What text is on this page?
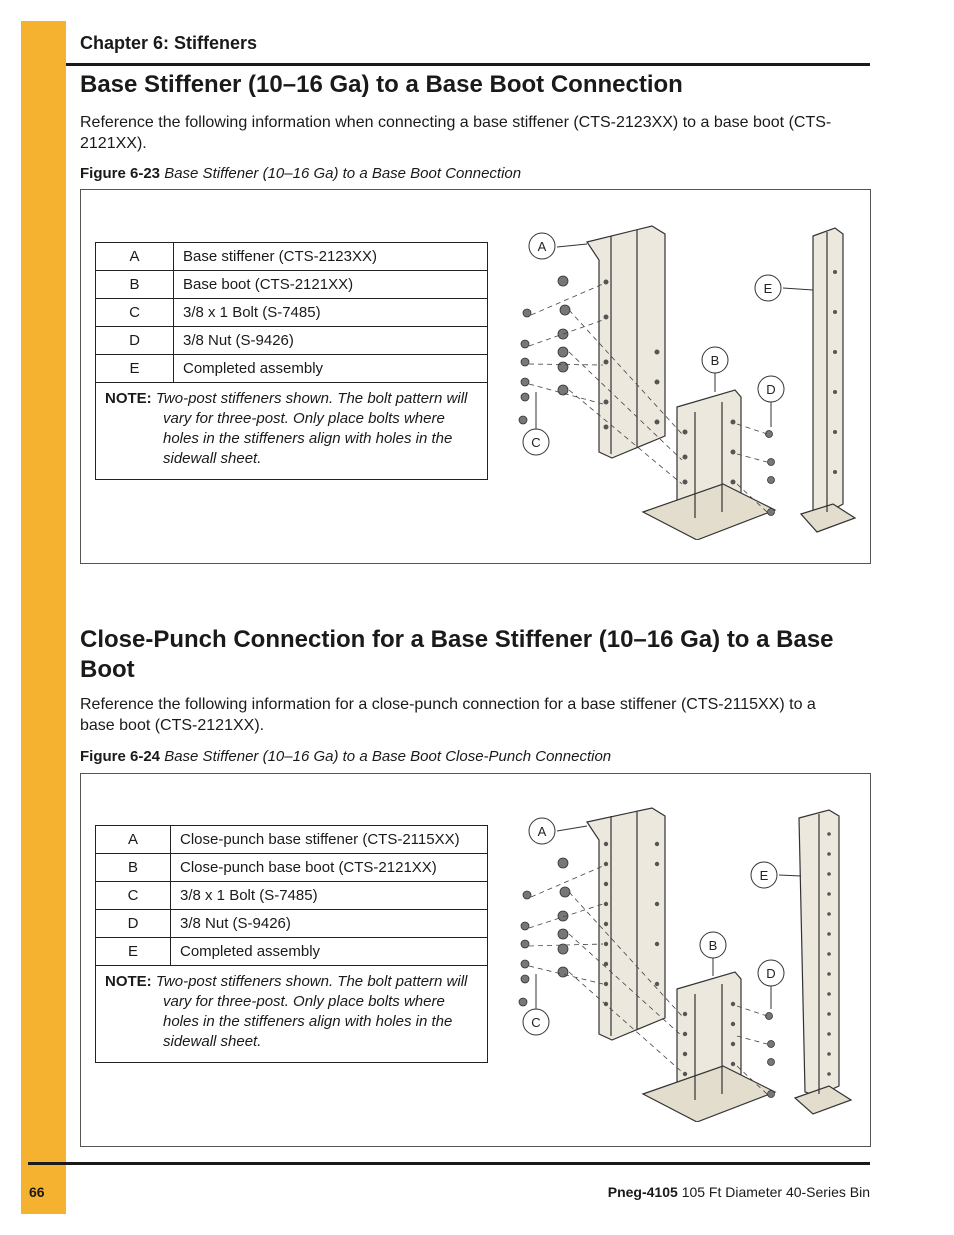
Chapter 6: Stiffeners
Base Stiffener (10–16 Ga) to a Base Boot Connection
Reference the following information when connecting a base stiffener (CTS-2123XX) to a base boot (CTS-
2121XX).
Figure 6-23 Base Stiffener (10–16 Ga) to a Base Boot Connection
A	Base stiffener (CTS-2123XX)
B	Base boot (CTS-2121XX)
C	3/8 x 1 Bolt (S-7485)
D	3/8 Nut (S-9426)
E	Completed assembly

NOTE: Two-post stiffeners shown. The bolt pattern will
vary for three-post. Only place bolts where
holes in the stiffeners align with holes in the
sidewall sheet.	
A
E
B
D
C
Close-Punch Connection for a Base Stiffener (10–16 Ga) to a Base
Boot
Reference the following information for a close-punch connection for a base stiffener (CTS-2115XX) to a
base boot (CTS-2121XX).
Figure 6-24 Base Stiffener (10–16 Ga) to a Base Boot Close-Punch Connection
A	Close-punch base stiffener (CTS-2115XX)
B	Close-punch base boot (CTS-2121XX)
C	3/8 x 1 Bolt (S-7485)
D	3/8 Nut (S-9426)
E	Completed assembly

NOTE: Two-post stiffeners shown. The bolt pattern will
vary for three-post. Only place bolts where
holes in the stiffeners align with holes in the
sidewall sheet.	
A
E
B
D
C
66	Pneg-4105 105 Ft Diameter 40-Series Bin
